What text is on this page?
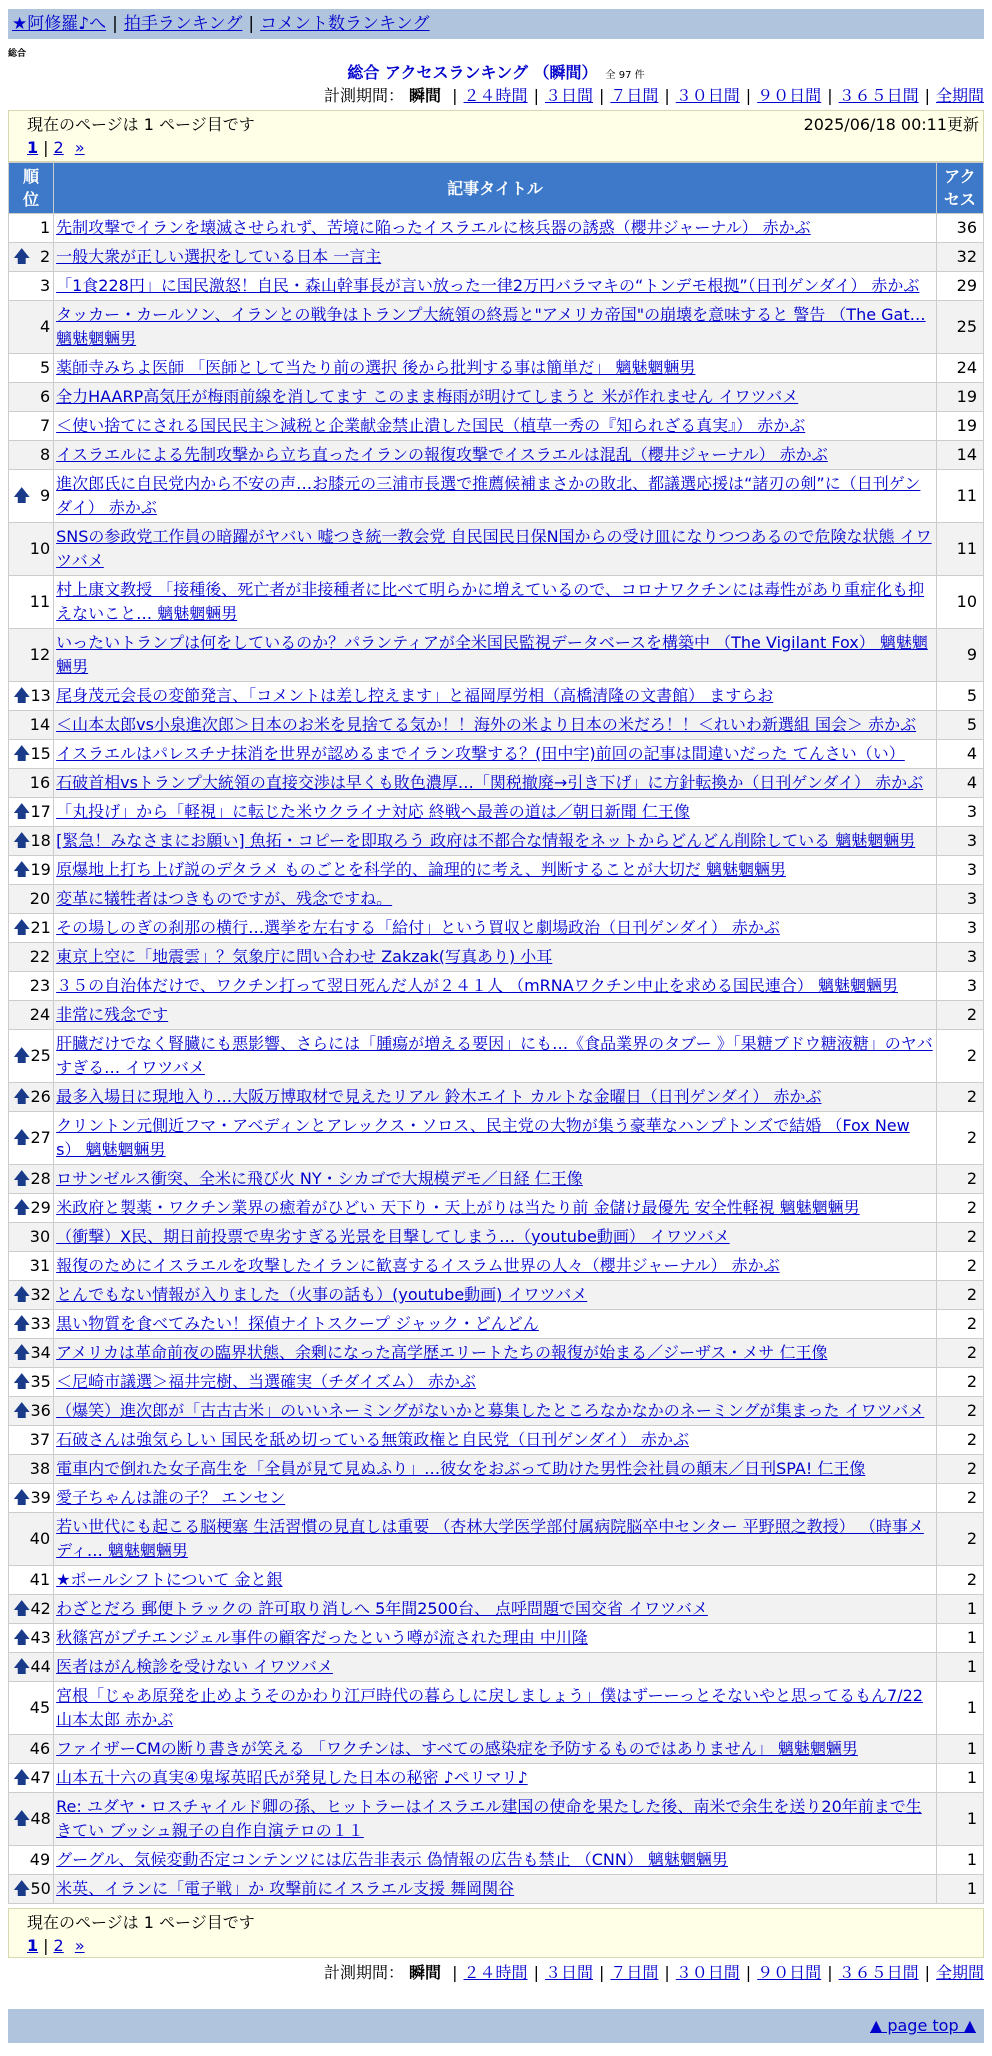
★阿修羅♪へ | 拍手ランキング | コメント数ランキング
総合
総合 アクセスランキング （瞬間） 全 97 件
計測期間： 瞬間 | ２４時間 | ３日間 | ７日間 | ３０日間 | ９０日間 | ３６５日間 | 全期間
現在のページは 1 ページ目です	2025/06/18 00:11更新
1 | 2 »
順位	記事タイトル	アクセス
1	先制攻撃でイランを壊滅させられず、苦境に陥ったイスラエルに核兵器の誘惑（櫻井ジャーナル） 赤かぶ	36

🡅 2	一般大衆が正しい選択をしている日本 一言主	32
3	「1食228円」に国民激怒！自民・森山幹事長が言い放った一律2万円バラマキの“トンデモ根拠”（日刊ゲンダイ） 赤かぶ	29
4	タッカー・カールソン、イランとの戦争はトランプ大統領の終焉と"アメリカ帝国"の崩壊を意味すると 警告 （The Gat… 魑魅魍魎男	25
5	薬師寺みちよ医師 「医師として当たり前の選択 後から批判する事は簡単だ」 魑魅魍魎男	24
6	全力HAARP高気圧が梅雨前線を消してます このまま梅雨が明けてしまうと 米が作れません イワツバメ	19
7	＜使い捨てにされる国民民主＞減税と企業献金禁止潰した国民（植草一秀の『知られざる真実』） 赤かぶ	19
8	イスラエルによる先制攻撃から立ち直ったイランの報復攻撃でイスラエルは混乱（櫻井ジャーナル） 赤かぶ	14

🡅 9	進次郎氏に自民党内から不安の声…お膝元の三浦市長選で推薦候補まさかの敗北、都議選応援は“諸刃の剣”に（日刊ゲンダイ） 赤かぶ	11
10	SNSの参政党工作員の暗躍がヤバい 嘘つき統一教会党 自民国民日保N国からの受け皿になりつつあるので危険な状態 イワツバメ	11
11	村上康文教授 「接種後、死亡者が非接種者に比べて明らかに増えているので、コロナワクチンには毒性があり重症化も抑えないこと… 魑魅魍魎男	10
12	いったいトランプは何をしているのか？パランティアが全米国民監視データベースを構築中 （The Vigilant Fox） 魑魅魍魎男	9

🡅 13	尾身茂元会長の変節発言、「コメントは差し控えます」と福岡厚労相（高橋清隆の文書館） ますらお	5
14	＜山本太郎vs小泉進次郎＞日本のお米を見捨てる気か！！海外の米より日本の米だろ！！＜れいわ新選組 国会＞ 赤かぶ	5

🡅 15	イスラエルはパレスチナ抹消を世界が認めるまでイラン攻撃する？(田中宇)前回の記事は間違いだった てんさい（い）	4
16	石破首相vsトランプ大統領の直接交渉は早くも敗色濃厚…「関税撤廃→引き下げ」に方針転換か（日刊ゲンダイ） 赤かぶ	4

🡅 17	「丸投げ」から「軽視」に転じた米ウクライナ対応 終戦へ最善の道は／朝日新聞 仁王像	3

🡅 18	[緊急！みなさまにお願い] 魚拓・コピーを即取ろう 政府は不都合な情報をネットからどんどん削除している 魑魅魍魎男	3

🡅 19	原爆地上打ち上げ説のデタラメ ものごとを科学的、論理的に考え、判断することが大切だ 魑魅魍魎男	3
20	変革に犠牲者はつきものですが、残念ですね。	3

🡅 21	その場しのぎの刹那の横行…選挙を左右する「給付」という買収と劇場政治（日刊ゲンダイ） 赤かぶ	3
22	東京上空に「地震雲」？気象庁に問い合わせ Zakzak(写真あり) 小耳	3
23	３５の自治体だけで、ワクチン打って翌日死んだ人が２４１人 （mRNAワクチン中止を求める国民連合） 魑魅魍魎男	3
24	非常に残念です	2

🡅 25	肝臓だけでなく腎臓にも悪影響、さらには「腫瘍が増える要因」にも…《食品業界のタブー 》「果糖ブドウ糖液糖」のヤバすぎる… イワツバメ	2

🡅 26	最多入場日に現地入り…大阪万博取材で見えたリアル 鈴木エイト カルトな金曜日（日刊ゲンダイ） 赤かぶ	2

🡅 27	クリントン元側近フマ・アベディンとアレックス・ソロス、民主党の大物が集う豪華なハンプトンズで結婚 （Fox News） 魑魅魍魎男	2

🡅 28	ロサンゼルス衝突、全米に飛び火 NY・シカゴで大規模デモ／日経 仁王像	2

🡅 29	米政府と製薬・ワクチン業界の癒着がひどい 天下り・天上がりは当たり前 金儲け最優先 安全性軽視 魑魅魍魎男	2
30	（衝撃）X民、期日前投票で卑劣すぎる光景を目撃してしまう…（youtube動画） イワツバメ	2
31	報復のためにイスラエルを攻撃したイランに歓喜するイスラム世界の人々（櫻井ジャーナル） 赤かぶ	2

🡅 32	とんでもない情報が入りました（火事の話も）(youtube動画) イワツバメ	2

🡅 33	黒い物質を食べてみたい！探偵ナイトスクープ ジャック・どんどん	2

🡅 34	アメリカは革命前夜の臨界状態、余剰になった高学歴エリートたちの報復が始まる／ジーザス・メサ 仁王像	2

🡅 35	＜尼崎市議選＞福井完樹、当選確実（チダイズム） 赤かぶ	2

🡅 36	（爆笑）進次郎が「古古古米」のいいネーミングがないかと募集したところなかなかのネーミングが集まった イワツバメ	2
37	石破さんは強気らしい 国民を舐め切っている無策政権と自民党（日刊ゲンダイ） 赤かぶ	2
38	電車内で倒れた女子高生を「全員が見て見ぬふり」…彼女をおぶって助けた男性会社員の顛末／日刊SPA! 仁王像	2

🡅 39	愛子ちゃんは誰の子？ エンセン	2
40	若い世代にも起こる脳梗塞 生活習慣の見直しは重要 （杏林大学医学部付属病院脳卒中センター 平野照之教授） （時事メディ… 魑魅魍魎男	2
41	★ポールシフトについて 金と銀	2

🡅 42	わざとだろ 郵便トラックの 許可取り消しへ 5年間2500台、 点呼問題で国交省 イワツバメ	1

🡅 43	秋篠宮がプチエンジェル事件の顧客だったという噂が流された理由 中川隆	1

🡅 44	医者はがん検診を受けない イワツバメ	1
45	宮根「じゃあ原発を止めようそのかわり江戸時代の暮らしに戻しましょう」僕はずーーっとそないやと思ってるもん7/22山本太郎 赤かぶ	1
46	ファイザーCMの断り書きが笑える 「ワクチンは、すべての感染症を予防するものではありません」 魑魅魍魎男	1

🡅 47	山本五十六の真実④鬼塚英昭氏が発見した日本の秘密 ♪ペリマリ♪	1

🡅 48	Re: ユダヤ・ロスチャイルド卿の孫、ヒットラーはイスラエル建国の使命を果たした後、南米で余生を送り20年前まで生きてい ブッシュ親子の自作自演テロの１１	1
49	グーグル、気候変動否定コンテンツには広告非表示 偽情報の広告も禁止 （CNN） 魑魅魍魎男	1

🡅 50	米英、イランに「電子戦」か 攻撃前にイスラエル支援 舞岡関谷	1
現在のページは 1 ページ目です
1 | 2 »
計測期間： 瞬間 | ２４時間 | ３日間 | ７日間 | ３０日間 | ９０日間 | ３６５日間 | 全期間
▲ page top ▲
